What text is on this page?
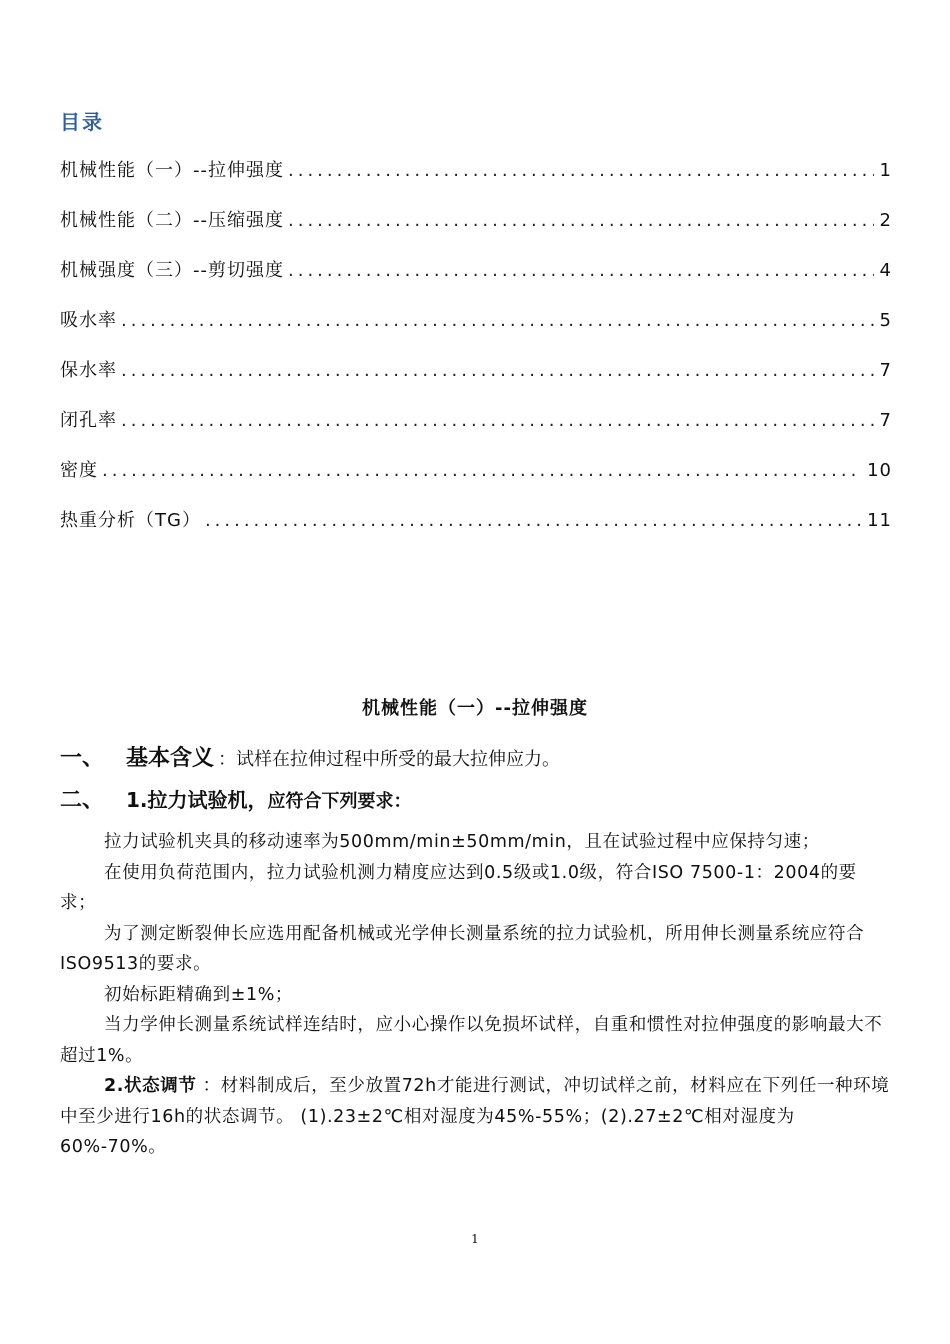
目录
机械性能（一）--拉伸强度 .....	1
机械性能（二）--压缩强度 .....	2
机械强度（三）--剪切强度 .....	4
吸水率 .....	5
保水率 .....	7
闭孔率 .....	7
密度 .....	10
热重分析（TG） .....	11
机械性能（一）--拉伸强度
一、 基本含义 ：试样在拉伸过程中所受的最大拉伸应力。
二、 1.拉力试验机，应符合下列要求：

拉力试验机夹具的移动速率为500mm/min±50mm/min，且在试验过程中应保持匀速；

在使用负荷范围内，拉力试验机测力精度应达到0.5级或1.0级，符合ISO 7500-1：2004的要求；

为了测定断裂伸长应选用配备机械或光学伸长测量系统的拉力试验机，所用伸长测量系统应符合ISO9513的要求。

初始标距精确到±1%；

当力学伸长测量系统试样连结时，应小心操作以免损坏试样，自重和惯性对拉伸强度的影响最大不超过1%。

2.状态调节 ：材料制成后，至少放置72h才能进行测试，冲切试样之前，材料应在下列任一种环境中至少进行16h的状态调节。 (1).23±2℃相对湿度为45%-55%；(2).27±2℃相对湿度为60%-70%。

1
